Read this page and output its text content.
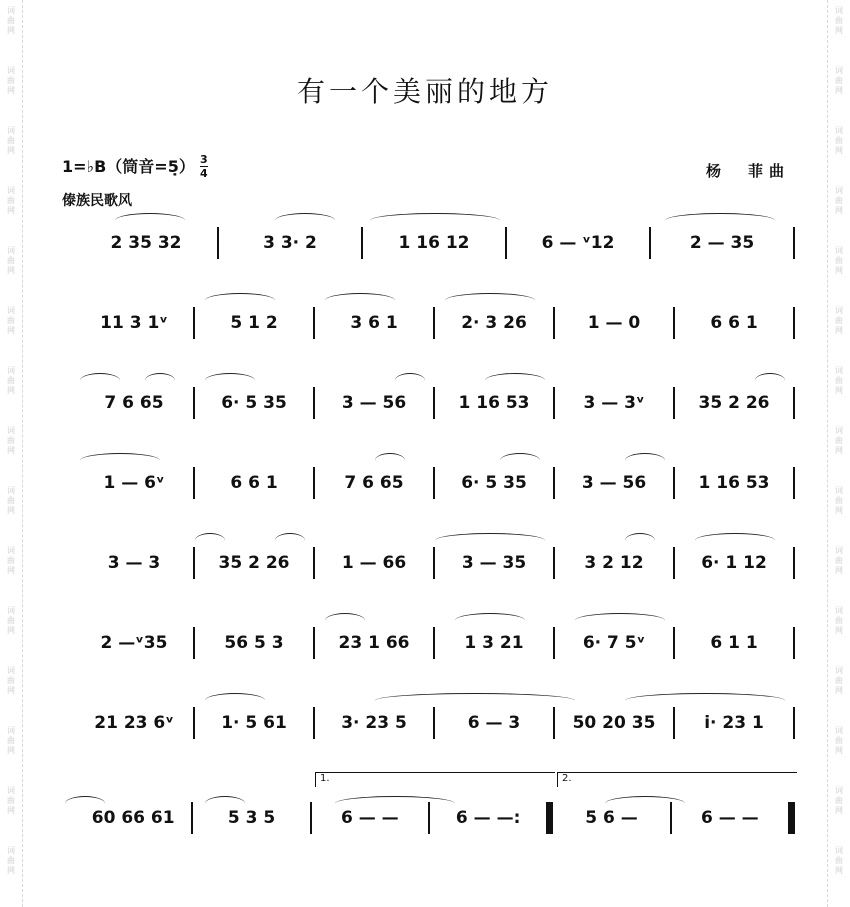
词
曲
网
词
曲
网
词
曲
网
词
曲
网
词
曲
网
词
曲
网
词
曲
网
词
曲
网
词
曲
网
词
曲
网
词
曲
网
词
曲
网
词
曲
网
词
曲
网
词
曲
网
词
曲
网
词
曲
网
词
曲
网
词
曲
网
词
曲
网
词
曲
网
词
曲
网
词
曲
网
词
曲
网
词
曲
网
词
曲
网
词
曲
网
词
曲
网
词
曲
网
词
曲
网
有一个美丽的地方
1=♭B（筒音=5̣） 3
4
傣族民歌风
杨　菲曲
2 35 32	3 3· 2	1 16 12	6 — ᵛ12	2 — 35
11 3 1ᵛ	5 1 2	3 6 1	2· 3 26	1 — 0	6 6 1
7 6 65	6· 5 35	3 — 56	1 16 53	3 — 3ᵛ	35 2 26
1 — 6ᵛ	6 6 1	7 6 65	6· 5 35	3 — 56	1 16 53
3 — 3	35 2 26	1 — 66	3 — 35	3 2 12	6· 1 12
2 —ᵛ35	56 5 3	23 1 66	1 3 21	6· 7 5ᵛ	6 1 1
21 23 6ᵛ	1· 5 61	3· 23 5	6 — 3	50 20 35	i· 23 1
1.	2.
60 66 61	5 3 5	6 — —	6 — —:	5 6 —	6 — —
